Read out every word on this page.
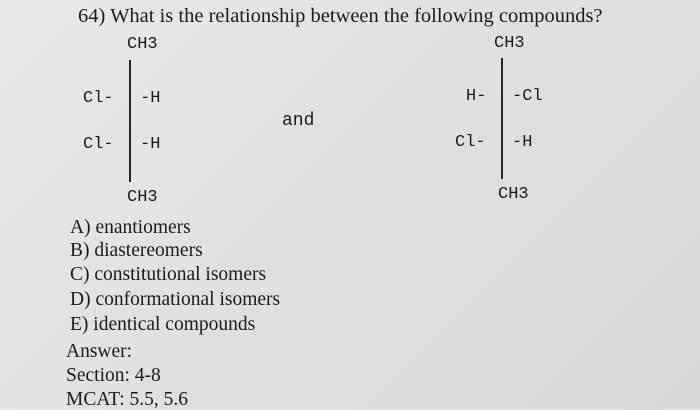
64) What is the relationship between the following compounds?
CH3
Cl- -H
Cl- -H
CH3
and
CH3
H- -Cl
Cl- -H
CH3
A) enantiomers
B) diastereomers
C) constitutional isomers
D) conformational isomers
E) identical compounds
Answer:
Section: 4-8
MCAT: 5.5, 5.6
